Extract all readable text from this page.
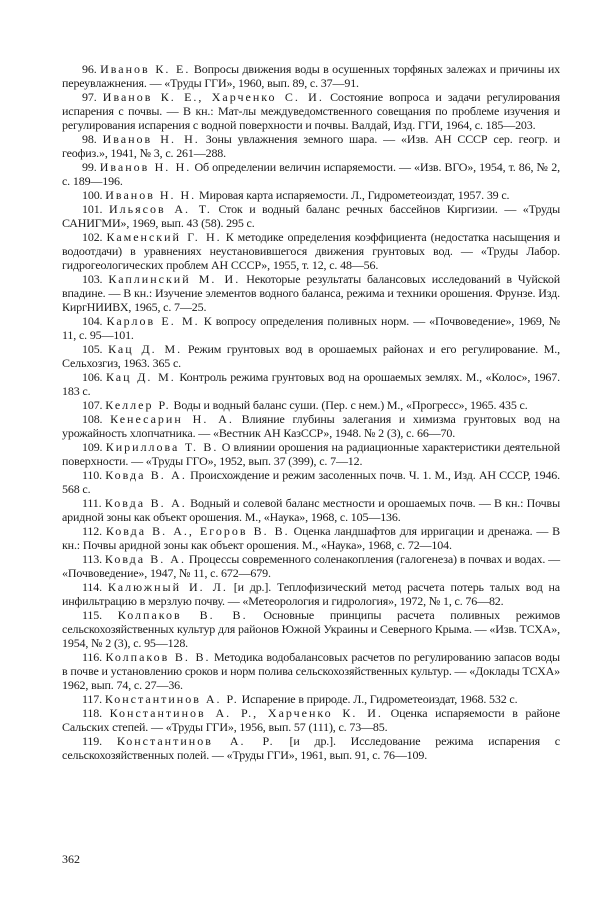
96. Иванов К. Е. Вопросы движения воды в осушенных торфяных залежах и причины их переувлажнения. — «Труды ГГИ», 1960, вып. 89, с. 37—91.
97. Иванов К. Е., Харченко С. И. Состояние вопроса и задачи регулирования испарения с почвы. — В кн.: Мат-лы междуведомственного совещания по проблеме изучения и регулирования испарения с водной поверхности и почвы. Валдай, Изд. ГГИ, 1964, с. 185—203.
98. Иванов Н. Н. Зоны увлажнения земного шара. — «Изв. АН СССР сер. геогр. и геофиз.», 1941, № 3, с. 261—288.
99. Иванов Н. Н. Об определении величин испаряемости. — «Изв. ВГО», 1954, т. 86, № 2, с. 189—196.
100. Иванов Н. Н. Мировая карта испаряемости. Л., Гидрометеоиздат, 1957. 39 с.
101. Ильясов А. Т. Сток и водный баланс речных бассейнов Киргизии. — «Труды САНИГМИ», 1969, вып. 43 (58). 295 с.
102. Каменский Г. Н. К методике определения коэффициента (недостатка насыщения и водоотдачи) в уравнениях неустановившегося движения грунтовых вод. — «Труды Лабор. гидрогеологических проблем АН СССР», 1955, т. 12, с. 48—56.
103. Каплинский М. И. Некоторые результаты балансовых исследований в Чуйской впадине. — В кн.: Изучение элементов водного баланса, режима и техники орошения. Фрунзе. Изд. КиргНИИВХ, 1965, с. 7—25.
104. Карлов Е. М. К вопросу определения поливных норм. — «Почвоведение», 1969, № 11, с. 95—101.
105. Кац Д. М. Режим грунтовых вод в орошаемых районах и его регулирование. М., Сельхозгиз, 1963. 365 с.
106. Кац Д. М. Контроль режима грунтовых вод на орошаемых землях. М., «Колос», 1967. 183 с.
107. Келлер Р. Воды и водный баланс суши. (Пер. с нем.) М., «Прогресс», 1965. 435 с.
108. Кенесарин Н. А. Влияние глубины залегания и химизма грунтовых вод на урожайность хлопчатника. — «Вестник АН КазССР», 1948. № 2 (3), с. 66—70.
109. Кириллова Т. В. О влиянии орошения на радиационные характеристики деятельной поверхности. — «Труды ГГО», 1952, вып. 37 (399), с. 7—12.
110. Ковда В. А. Происхождение и режим засоленных почв. Ч. 1. М., Изд. АН СССР, 1946. 568 с.
111. Ковда В. А. Водный и солевой баланс местности и орошаемых почв. — В кн.: Почвы аридной зоны как объект орошения. М., «Наука», 1968, с. 105—136.
112. Ковда В. А., Егоров В. В. Оценка ландшафтов для ирригации и дренажа. — В кн.: Почвы аридной зоны как объект орошения. М., «Наука», 1968, с. 72—104.
113. Ковда В. А. Процессы современного соленакопления (галогенеза) в почвах и водах. — «Почвоведение», 1947, № 11, с. 672—679.
114. Калюжный И. Л. [и др.]. Теплофизический метод расчета потерь талых вод на инфильтрацию в мерзлую почву. — «Метеорология и гидрология», 1972, № 1, с. 76—82.
115. Колпаков В. В. Основные принципы расчета поливных режимов сельскохозяйственных культур для районов Южной Украины и Северного Крыма. — «Изв. ТСХА», 1954, № 2 (3), с. 95—128.
116. Колпаков В. В. Методика водобалансовых расчетов по регулированию запасов воды в почве и установлению сроков и норм полива сельскохозяйственных культур. — «Доклады ТСХА» 1962, вып. 74, с. 27—36.
117. Константинов А. Р. Испарение в природе. Л., Гидрометеоиздат, 1968. 532 с.
118. Константинов А. Р., Харченко К. И. Оценка испаряемости в районе Сальских степей. — «Труды ГГИ», 1956, вып. 57 (111), с. 73—85.
119. Константинов А. Р. [и др.]. Исследование режима испарения с сельскохозяйственных полей. — «Труды ГГИ», 1961, вып. 91, с. 76—109.
362
